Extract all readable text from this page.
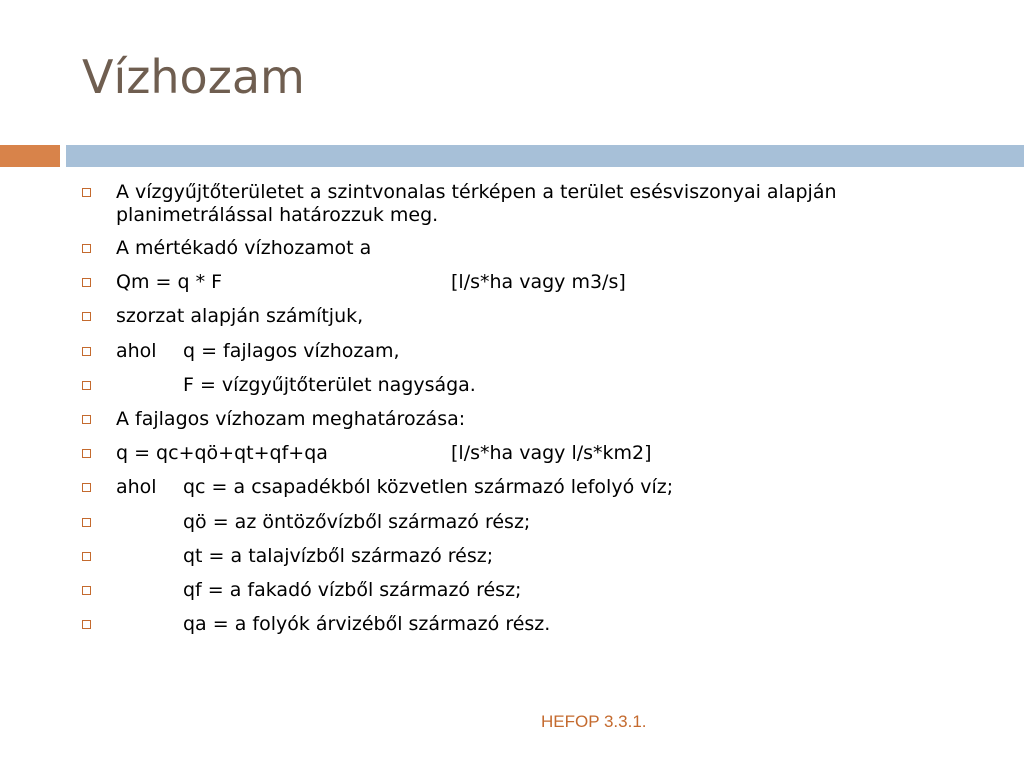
Vízhozam
A vízgyűjtőterületet a szintvonalas térképen a terület esésviszonyai alapján planimetrálással határozzuk meg.
A mértékadó vízhozamot a
Qm = q * F	[l/s*ha vagy m3/s]
szorzat alapján számítjuk,
ahol q = fajlagos vízhozam,
F = vízgyűjtőterület nagysága.
A fajlagos vízhozam meghatározása:
q = qc+qö+qt+qf+qa	[l/s*ha vagy l/s*km2]
ahol qc = a csapadékból közvetlen származó lefolyó víz;
qö = az öntözővízből származó rész;
qt = a talajvízből származó rész;
qf = a fakadó vízből származó rész;
qa = a folyók árvizéből származó rész.
HEFOP 3.3.1.
